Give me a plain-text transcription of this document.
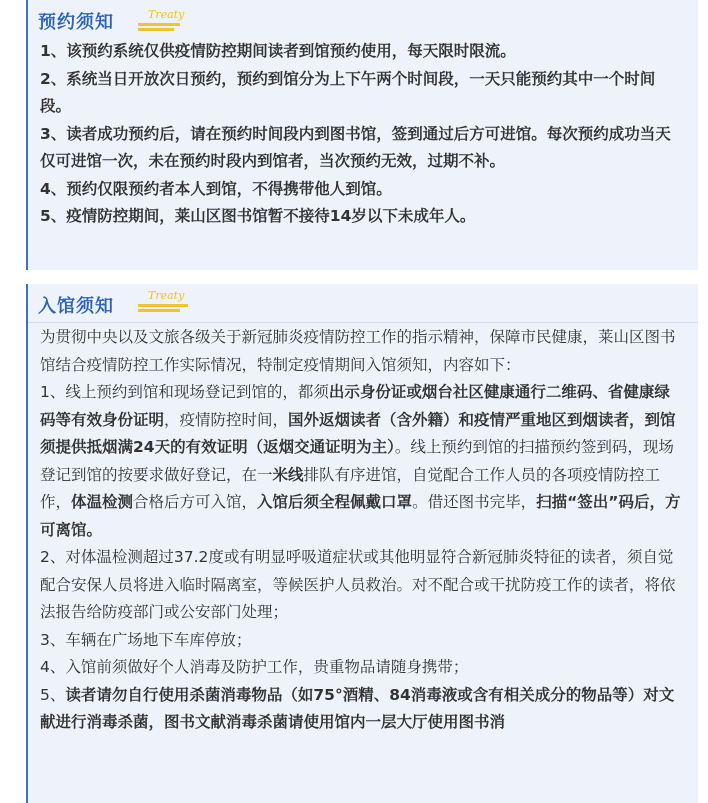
预约须知	Treaty
1、该预约系统仅供疫情防控期间读者到馆预约使用，每天限时限流。
2、系统当日开放次日预约，预约到馆分为上下午两个时间段，一天只能预约其中一个时间段。
3、读者成功预约后，请在预约时间段内到图书馆，签到通过后方可进馆。每次预约成功当天仅可进馆一次，未在预约时段内到馆者，当次预约无效，过期不补。
4、预约仅限预约者本人到馆，不得携带他人到馆。
5、疫情防控期间，莱山区图书馆暂不接待14岁以下未成年人。
入馆须知
Treaty
为贯彻中央以及文旅各级关于新冠肺炎疫情防控工作的指示精神，保障市民健康，莱山区图书馆结合疫情防控工作实际情况，特制定疫情期间入馆须知，内容如下：
1、线上预约到馆和现场登记到馆的，都须出示身份证或烟台社区健康通行二维码、省健康绿码等有效身份证明，疫情防控时间，国外返烟读者（含外籍）和疫情严重地区到烟读者，到馆须提供抵烟满24天的有效证明（返烟交通证明为主）。线上预约到馆的扫描预约签到码，现场登记到馆的按要求做好登记，在一米线排队有序进馆，自觉配合工作人员的各项疫情防控工作，体温检测合格后方可入馆，入馆后须全程佩戴口罩。借还图书完毕，扫描“签出”码后，方可离馆。
2、对体温检测超过37.2度或有明显呼吸道症状或其他明显符合新冠肺炎特征的读者，须自觉配合安保人员将进入临时隔离室，等候医护人员救治。对不配合或干扰防疫工作的读者，将依法报告给防疫部门或公安部门处理；
3、车辆在广场地下车库停放；
4、入馆前须做好个人消毒及防护工作，贵重物品请随身携带；
5、读者请勿自行使用杀菌消毒物品（如75°酒精、84消毒液或含有相关成分的物品等）对文献进行消毒杀菌，图书文献消毒杀菌请使用馆内一层大厅使用图书消
